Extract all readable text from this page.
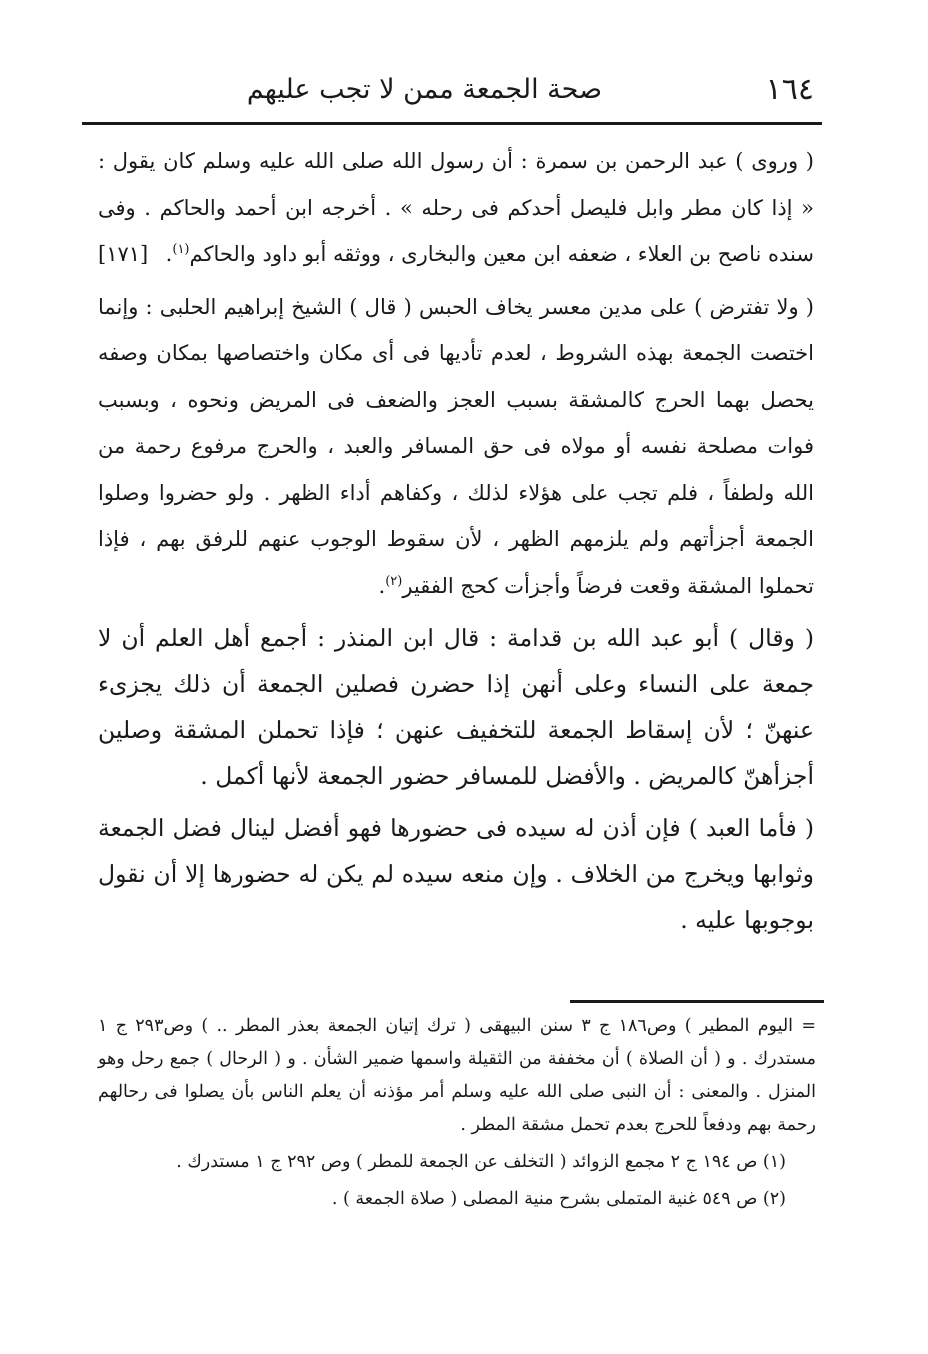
١٦٤
صحة الجمعة ممن لا تجب عليهم

( وروى ) عبد الرحمن بن سمرة : أن رسول الله صلى الله عليه وسلم كان يقول : « إذا كان مطر وابل فليصل أحدكم فى رحله » . أخرجه ابن أحمد والحاكم . وفى سنده ناصح بن العلاء ، ضعفه ابن معين والبخارى ، ووثقه أبو داود والحاكم$^{(١)}$.
[١٧١]

( ولا تفترض ) على مدين معسر يخاف الحبس ( قال ) الشيخ إبراهيم الحلبى : وإنما اختصت الجمعة بهذه الشروط ، لعدم تأديها فى أى مكان واختصاصها بمكان وصفه يحصل بهما الحرج كالمشقة بسبب العجز والضعف فى المريض ونحوه ، وبسبب فوات مصلحة نفسه أو مولاه فى حق المسافر والعبد ، والحرج مرفوع رحمة من الله ولطفاً ، فلم تجب على هؤلاء لذلك ، وكفاهم أداء الظهر . ولو حضروا وصلوا الجمعة أجزأتهم ولم يلزمهم الظهر ، لأن سقوط الوجوب عنهم للرفق بهم ، فإذا تحملوا المشقة وقعت فرضاً وأجزأت كحج الفقير$^{(٢)}$.

( وقال ) أبو عبد الله بن قدامة : قال ابن المنذر : أجمع أهل العلم أن لا جمعة على النساء وعلى أنهن إذا حضرن فصلين الجمعة أن ذلك يجزىء عنهنّ ؛ لأن إسقاط الجمعة للتخفيف عنهن ؛ فإذا تحملن المشقة وصلين أجزأهنّ كالمريض . والأفضل للمسافر حضور الجمعة لأنها أكمل .

( فأما العبد ) فإن أذن له سيده فى حضورها فهو أفضل لينال فضل الجمعة وثوابها ويخرج من الخلاف . وإن منعه سيده لم يكن له حضورها إلا أن نقول بوجوبها عليه .

= اليوم المطير ) وص١٨٦ ج ٣ سنن البيهقى ( ترك إتيان الجمعة بعذر المطر .. ) وص٢٩٣ ج ١ مستدرك . و ( أن الصلاة ) أن مخففة من الثقيلة واسمها ضمير الشأن . و ( الرحال ) جمع رحل وهو المنزل . والمعنى : أن النبى صلى الله عليه وسلم أمر مؤذنه أن يعلم الناس بأن يصلوا فى رحالهم رحمة بهم ودفعاً للحرج بعدم تحمل مشقة المطر .

(١) ص ١٩٤ ج ٢ مجمع الزوائد ( التخلف عن الجمعة للمطر ) وص ٢٩٢ ج ١ مستدرك .

(٢) ص ٥٤٩ غنية المتملى بشرح منية المصلى ( صلاة الجمعة ) .
